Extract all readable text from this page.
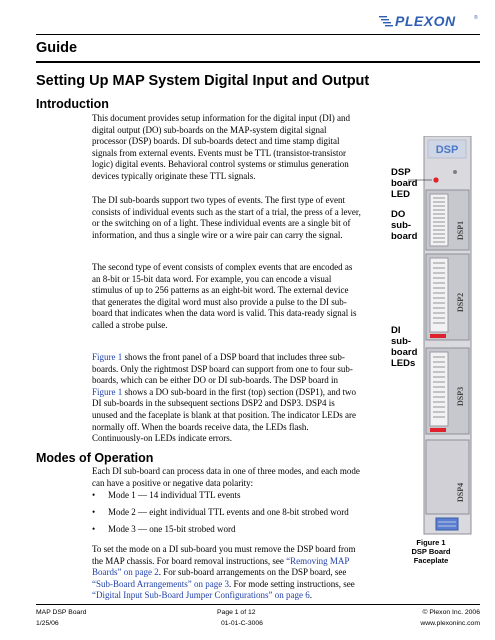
PLEXON	®
Guide
Setting Up MAP System Digital Input and Output
Introduction

This document provides setup information for the digital input (DI) and digital output (DO) sub-boards on the MAP-system digital signal processor (DSP) boards. DI sub-boards detect and time stamp digital signals from external events. Events must be TTL (transistor-transistor logic) digital events. Behavioral control systems or stimulus generation devices typically originate these TTL signals.

The DI sub-boards support two types of events. The first type of event consists of individual events such as the start of a trial, the press of a lever, or the switching on of a light. These individual events are a single bit of information, and thus a single wire or a wire pair can carry the signal.

The second type of event consists of complex events that are encoded as an 8-bit or 15-bit data word. For example, you can encode a visual stimulus of up to 256 patterns as an eight-bit word. The external device that generates the digital word must also provide a pulse to the DI sub-board that indicates when the data word is valid. This data-ready signal is called a strobe pulse.

Figure 1 shows the front panel of a DSP board that includes three sub-boards. Only the rightmost DSP board can support from one to four sub-boards, which can be either DO or DI sub-boards. The DSP board in Figure 1 shows a DO sub-board in the first (top) section (DSP1), and two DI sub-boards in the subsequent sections DSP2 and DSP3. DSP4 is unused and the faceplate is blank at that position. The indicator LEDs are normally off. When the boards receive data, the LEDs flash. Continuously-on LEDs indicate errors.

Modes of Operation

Each DI sub-board can process data in one of three modes, and each mode can have a positive or negative data polarity:

• Mode 1 — 14 individual TTL events
• Mode 2 — eight individual TTL events and one 8-bit strobed word
• Mode 3 — one 15-bit strobed word

To set the mode on a DI sub-board you must remove the DSP board from the MAP chassis. For board removal instructions, see “Removing MAP Boards” on page 2. For sub-board arrangements on the DSP board, see “Sub-Board Arrangements” on page 3. For mode setting instructions, see “Digital Input Sub-Board Jumper Configurations” on page 6.

DSP board LED
DO sub-board
DI sub-board LEDs
DSP
DSP1
DSP2
DSP3
DSP4
Figure 1
DSP Board Faceplate
MAP DSP Board
1/25/06
Page 1 of 12
01-01-C-3006
© Plexon Inc. 2006
www.plexoninc.com
